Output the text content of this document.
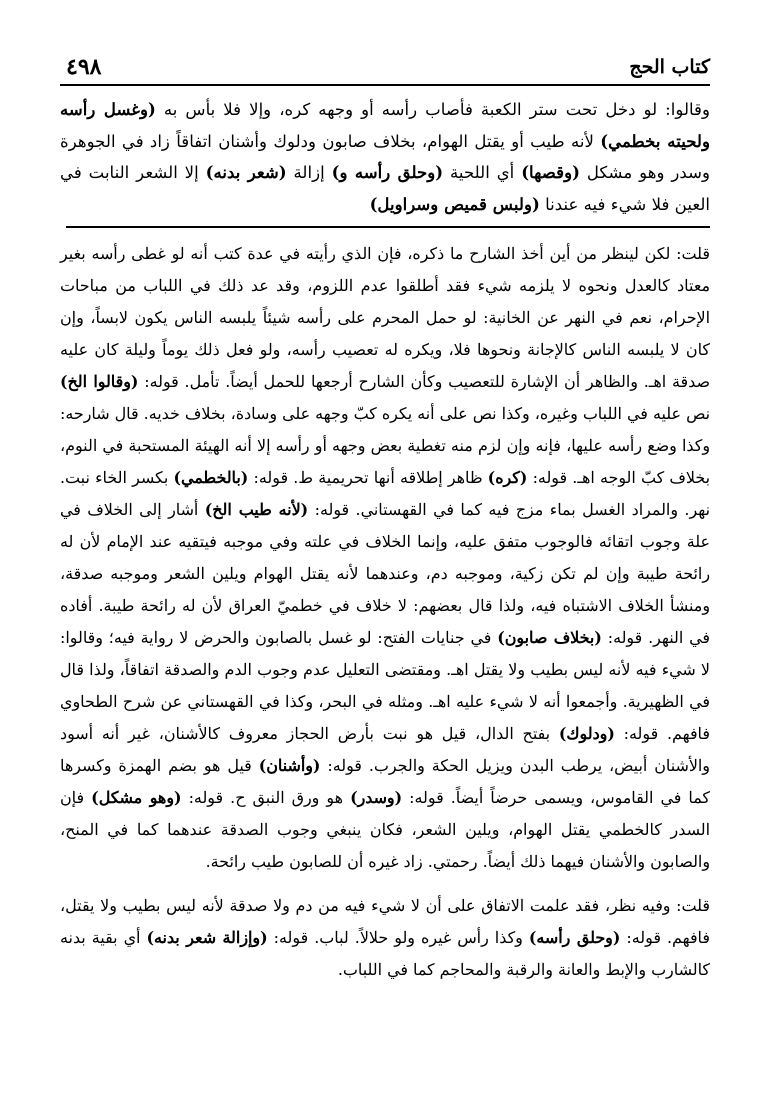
٤٩٨	كتاب الحج
وقالوا: لو دخل تحت ستر الكعبة فأصاب رأسه أو وجهه كره، وإلا فلا بأس به (وغسل رأسه ولحيته بخطمي) لأنه طيب أو يقتل الهوام، بخلاف صابون ودلوك وأشنان اتفاقاً زاد في الجوهرة وسدر وهو مشكل (وقصها) أي اللحية (وحلق رأسه و) إزالة (شعر بدنه) إلا الشعر النابت في العين فلا شيء فيه عندنا (ولبس قميص وسراويل)

قلت: لكن لينظر من أين أخذ الشارح ما ذكره، فإن الذي رأيته في عدة كتب أنه لو غطى رأسه بغير معتاد كالعدل ونحوه لا يلزمه شيء فقد أطلقوا عدم اللزوم، وقد عد ذلك في اللباب من مباحات الإحرام، نعم في النهر عن الخانية: لو حمل المحرم على رأسه شيئاً يلبسه الناس يكون لابساً، وإن كان لا يلبسه الناس كالإجانة ونحوها فلا، ويكره له تعصيب رأسه، ولو فعل ذلك يوماً وليلة كان عليه صدقة اهـ. والظاهر أن الإشارة للتعصيب وكأن الشارح أرجعها للحمل أيضاً. تأمل. قوله: (وقالوا الخ) نص عليه في اللباب وغيره، وكذا نص على أنه يكره كبّ وجهه على وسادة، بخلاف خديه. قال شارحه: وكذا وضع رأسه عليها، فإنه وإن لزم منه تغطية بعض وجهه أو رأسه إلا أنه الهيئة المستحبة في النوم، بخلاف كبّ الوجه اهـ. قوله: (كره) ظاهر إطلاقه أنها تحريمية ط. قوله: (بالخطمي) بكسر الخاء نبت. نهر. والمراد الغسل بماء مزج فيه كما في القهستاني. قوله: (لأنه طيب الخ) أشار إلى الخلاف في علة وجوب اتقائه فالوجوب متفق عليه، وإنما الخلاف في علته وفي موجبه فيتقيه عند الإمام لأن له رائحة طيبة وإن لم تكن زكية، وموجبه دم، وعندهما لأنه يقتل الهوام ويلين الشعر وموجبه صدقة، ومنشأ الخلاف الاشتباه فيه، ولذا قال بعضهم: لا خلاف في خطميّ العراق لأن له رائحة طيبة. أفاده في النهر. قوله: (بخلاف صابون) في جنايات الفتح: لو غسل بالصابون والحرض لا رواية فيه؛ وقالوا: لا شيء فيه لأنه ليس بطيب ولا يقتل اهـ. ومقتضى التعليل عدم وجوب الدم والصدقة اتفاقاً، ولذا قال في الظهيرية. وأجمعوا أنه لا شيء عليه اهـ. ومثله في البحر، وكذا في القهستاني عن شرح الطحاوي فافهم. قوله: (ودلوك) بفتح الدال، قيل هو نبت بأرض الحجاز معروف كالأشنان، غير أنه أسود والأشنان أبيض، يرطب البدن ويزيل الحكة والجرب. قوله: (وأشنان) قيل هو بضم الهمزة وكسرها كما في القاموس، ويسمى حرضاً أيضاً. قوله: (وسدر) هو ورق النبق ح. قوله: (وهو مشكل) فإن السدر كالخطمي يقتل الهوام، ويلين الشعر، فكان ينبغي وجوب الصدقة عندهما كما في المنح، والصابون والأشنان فيهما ذلك أيضاً. رحمتي. زاد غيره أن للصابون طيب رائحة.

قلت: وفيه نظر، فقد علمت الاتفاق على أن لا شيء فيه من دم ولا صدقة لأنه ليس بطيب ولا يقتل، فافهم. قوله: (وحلق رأسه) وكذا رأس غيره ولو حلالاً. لباب. قوله: (وإزالة شعر بدنه) أي بقية بدنه كالشارب والإبط والعانة والرقبة والمحاجم كما في اللباب.
